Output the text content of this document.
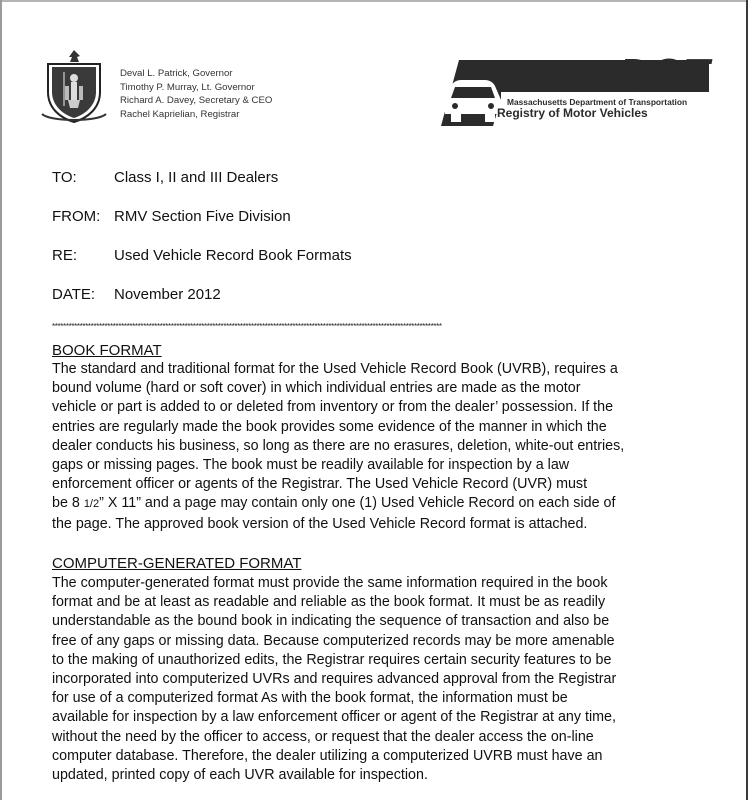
Deval L. Patrick, Governor
Timothy P. Murray, Lt. Governor
Richard A. Davey, Secretary & CEO
Rachel Kaprielian, Registrar
massDOT
Massachusetts Department of Transportation
Registry of Motor Vehicles
TO: Class I, II and III Dealers
FROM: RMV Section Five Division
RE: Used Vehicle Record Book Formats
DATE: November 2012
*********************************************************************************************************************************************
BOOK FORMAT
The standard and traditional format for the Used Vehicle Record Book (UVRB), requires a
bound volume (hard or soft cover) in which individual entries are made as the motor
vehicle or part is added to or deleted from inventory or from the dealer’ possession. If the
entries are regularly made the book provides some evidence of the manner in which the
dealer conducts his business, so long as there are no erasures, deletion, white-out entries,
gaps or missing pages. The book must be readily available for inspection by a law
enforcement officer or agents of the Registrar. The Used Vehicle Record (UVR) must
be 8 1/2” X 11” and a page may contain only one (1) Used Vehicle Record on each side of
the page. The approved book version of the Used Vehicle Record format is attached.
COMPUTER-GENERATED FORMAT
The computer-generated format must provide the same information required in the book
format and be at least as readable and reliable as the book format. It must be as readily
understandable as the bound book in indicating the sequence of transaction and also be
free of any gaps or missing data. Because computerized records may be more amenable
to the making of unauthorized edits, the Registrar requires certain security features to be
incorporated into computerized UVRs and requires advanced approval from the Registrar
for use of a computerized format As with the book format, the information must be
available for inspection by a law enforcement officer or agent of the Registrar at any time,
without the need by the officer to access, or request that the dealer access the on-line
computer database. Therefore, the dealer utilizing a computerized UVRB must have an
updated, printed copy of each UVR available for inspection.
